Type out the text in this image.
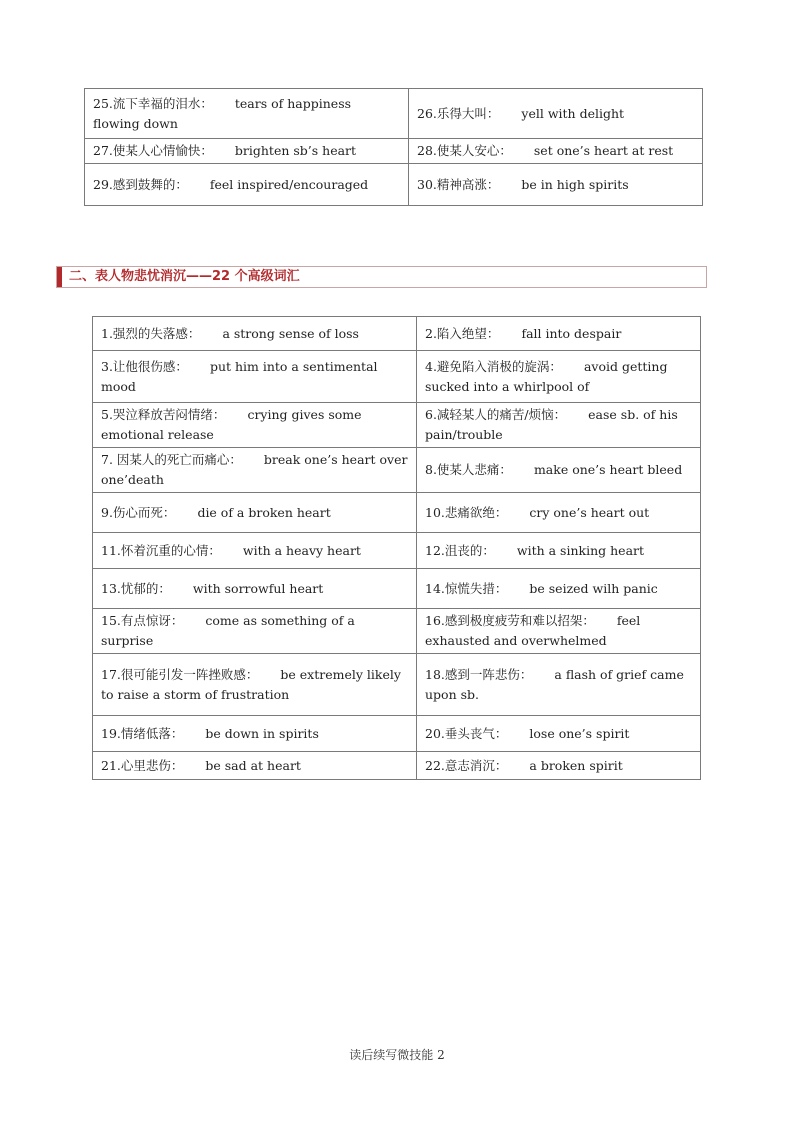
25.流下幸福的泪水： tears of happiness flowing down	26.乐得大叫： yell with delight
27.使某人心情愉快： brighten sb’s heart	28.使某人安心： set one’s heart at rest
29.感到鼓舞的： feel inspired/encouraged	30.精神高涨： be in high spirits
二、表人物悲忧消沉——22 个高级词汇
1.强烈的失落感： a strong sense of loss	2.陷入绝望： fall into despair
3.让他很伤感： put him into a sentimental mood	4.避免陷入消极的旋涡： avoid getting sucked into a whirlpool of
5.哭泣释放苦闷情绪： crying gives some emotional release	6.减轻某人的痛苦/烦恼： ease sb. of his pain/trouble
7. 因某人的死亡而痛心： break one’s heart over one’death	8.使某人悲痛： make one’s heart bleed
9.伤心而死： die of a broken heart	10.悲痛欲绝： cry one’s heart out
11.怀着沉重的心情： with a heavy heart	12.沮丧的： with a sinking heart
13.忧郁的： with sorrowful heart	14.惊慌失措： be seized wilh panic
15.有点惊讶： come as something of a surprise	16.感到极度疲劳和难以招架： feel exhausted and overwhelmed
17.很可能引发一阵挫败感： be extremely likely to raise a storm of frustration	18.感到一阵悲伤： a flash of grief came upon sb.
19.情绪低落： be down in spirits	20.垂头丧气： lose one’s spirit
21.心里悲伤： be sad at heart	22.意志消沉： a broken spirit
读后续写微技能 2
